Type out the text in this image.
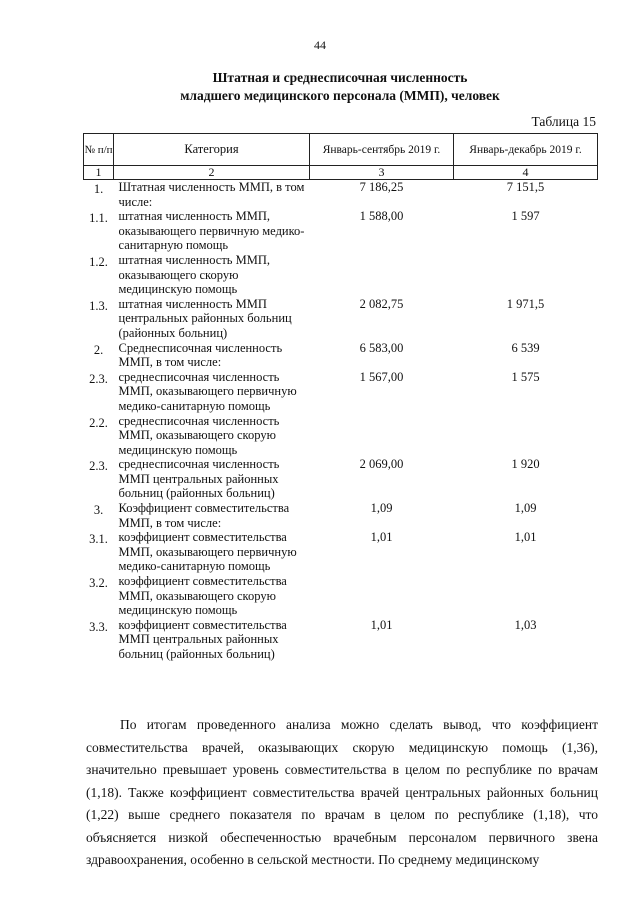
44
Штатная и среднесписочная численность
младшего медицинского персонала (ММП), человек
Таблица 15
№ п/п	Категория	Январь-сентябрь 2019 г.	Январь-декабрь 2019 г.
1	2	3	4
1.	Штатная численность ММП, в том числе:	7 186,25	7 151,5
1.1.	штатная численность ММП, оказывающего первичную медико-санитарную помощь	1 588,00	1 597
1.2.	штатная численность ММП, оказывающего скорую медицинскую помощь		
1.3.	штатная численность ММП центральных районных больниц (районных больниц)	2 082,75	1 971,5
2.	Среднесписочная численность ММП, в том числе:	6 583,00	6 539
2.3.	среднесписочная численность ММП, оказывающего первичную медико-санитарную помощь	1 567,00	1 575
2.2.	среднесписочная численность ММП, оказывающего скорую медицинскую помощь		
2.3.	среднесписочная численность ММП центральных районных больниц (районных больниц)	2 069,00	1 920
3.	Коэффициент совместительства ММП, в том числе:	1,09	1,09
3.1.	коэффициент совместительства ММП, оказывающего первичную медико-санитарную помощь	1,01	1,01
3.2.	коэффициент совместительства ММП, оказывающего скорую медицинскую помощь		
3.3.	коэффициент совместительства ММП центральных районных больниц (районных больниц)	1,01	1,03

По итогам проведенного анализа можно сделать вывод, что коэффициент совместительства врачей, оказывающих скорую медицинскую помощь (1,36), значительно превышает уровень совместительства в целом по республике по врачам (1,18). Также коэффициент совместительства врачей центральных районных больниц (1,22) выше среднего показателя по врачам в целом по республике (1,18), что объясняется низкой обеспеченностью врачебным персоналом первичного звена здравоохранения, особенно в сельской местности. По среднему медицинскому
